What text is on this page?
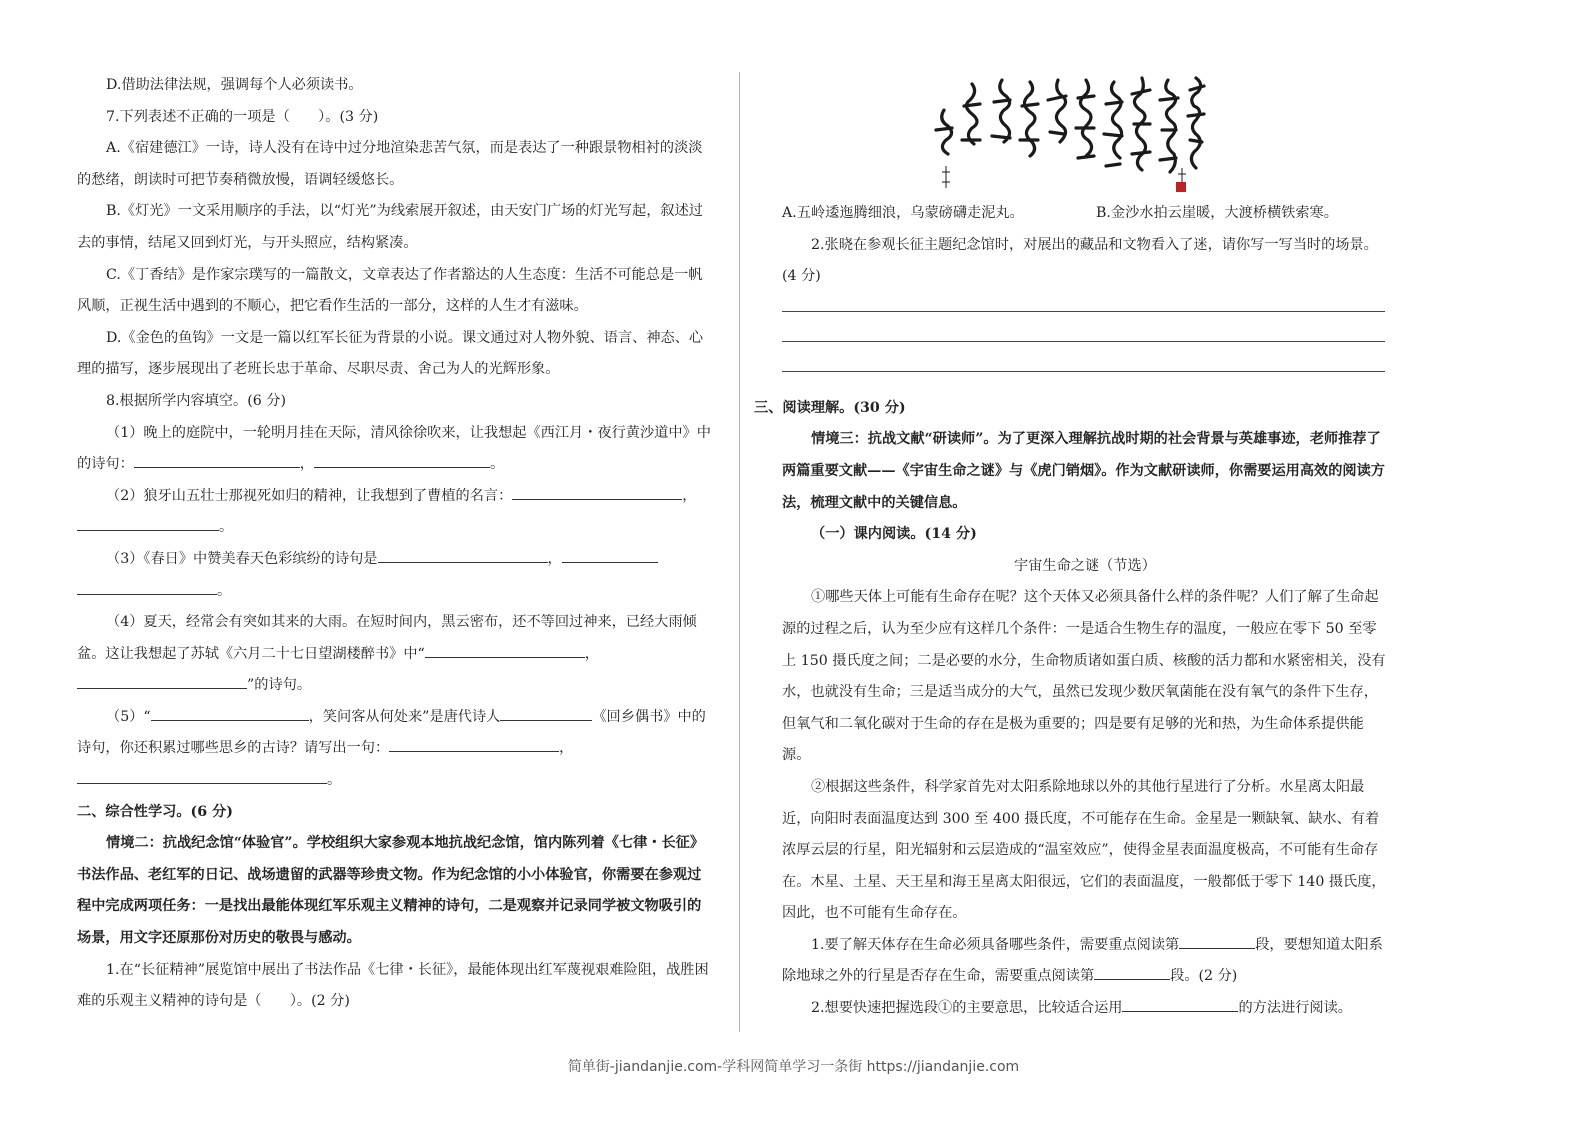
D.借助法律法规，强调每个人必须读书。

7.下列表述不正确的一项是（　　）。(3 分)

A.《宿建德江》一诗，诗人没有在诗中过分地渲染悲苦气氛，而是表达了一种跟景物相衬的淡淡的愁绪，朗读时可把节奏稍微放慢，语调轻缓悠长。

B.《灯光》一文采用顺序的手法，以“灯光”为线索展开叙述，由天安门广场的灯光写起，叙述过去的事情，结尾又回到灯光，与开头照应，结构紧凑。

C.《丁香结》是作家宗璞写的一篇散文，文章表达了作者豁达的人生态度：生活不可能总是一帆风顺，正视生活中遇到的不顺心，把它看作生活的一部分，这样的人生才有滋味。

D.《金色的鱼钩》一文是一篇以红军长征为背景的小说。课文通过对人物外貌、语言、神态、心理的描写，逐步展现出了老班长忠于革命、尽职尽责、舍己为人的光辉形象。

8.根据所学内容填空。(6 分)

（1）晚上的庭院中，一轮明月挂在天际，清风徐徐吹来，让我想起《西江月・夜行黄沙道中》中的诗句：	，	。

（2）狼牙山五壮士那视死如归的精神，让我想到了曹植的名言：	，。

（3）《春日》中赞美春天色彩缤纷的诗句是	，。

（4）夏天，经常会有突如其来的大雨。在短时间内，黑云密布，还不等回过神来，已经大雨倾盆。这让我想起了苏轼《六月二十七日望湖楼醉书》中“	，”的诗句。

（5）“	，笑问客从何处来”是唐代诗人	《回乡偶书》中的诗句，你还积累过哪些思乡的古诗？请写出一句：	，。

二、综合性学习。(6 分)

情境二：抗战纪念馆“体验官”。学校组织大家参观本地抗战纪念馆，馆内陈列着《七律・长征》书法作品、老红军的日记、战场遗留的武器等珍贵文物。作为纪念馆的小小体验官，你需要在参观过程中完成两项任务：一是找出最能体现红军乐观主义精神的诗句，二是观察并记录同学被文物吸引的场景，用文字还原那份对历史的敬畏与感动。

1.在“长征精神”展览馆中展出了书法作品《七律・长征》，最能体现出红军蔑视艰难险阻，战胜困难的乐观主义精神的诗句是（　　）。(2 分)

A.五岭逶迤腾细浪，乌蒙磅礴走泥丸。	B.金沙水拍云崖暖，大渡桥横铁索寒。

2.张晓在参观长征主题纪念馆时，对展出的藏品和文物看入了迷，请你写一写当时的场景。(4 分)

三、阅读理解。(30 分)

情境三：抗战文献“研读师”。为了更深入理解抗战时期的社会背景与英雄事迹，老师推荐了两篇重要文献——《宇宙生命之谜》与《虎门销烟》。作为文献研读师，你需要运用高效的阅读方法，梳理文献中的关键信息。

（一）课内阅读。(14 分)

宇宙生命之谜（节选）

①哪些天体上可能有生命存在呢？这个天体又必须具备什么样的条件呢？人们了解了生命起源的过程之后，认为至少应有这样几个条件：一是适合生物生存的温度，一般应在零下 50 至零上 150 摄氏度之间；二是必要的水分，生命物质诸如蛋白质、核酸的活力都和水紧密相关，没有水，也就没有生命；三是适当成分的大气，虽然已发现少数厌氧菌能在没有氧气的条件下生存，但氧气和二氧化碳对于生命的存在是极为重要的；四是要有足够的光和热，为生命体系提供能源。

②根据这些条件，科学家首先对太阳系除地球以外的其他行星进行了分析。水星离太阳最近，向阳时表面温度达到 300 至 400 摄氏度，不可能存在生命。金星是一颗缺氧、缺水、有着浓厚云层的行星，阳光辐射和云层造成的“温室效应”，使得金星表面温度极高，不可能有生命存在。木星、土星、天王星和海王星离太阳很远，它们的表面温度，一般都低于零下 140 摄氏度，因此，也不可能有生命存在。

1.要了解天体存在生命必须具备哪些条件，需要重点阅读第	段，要想知道太阳系除地球之外的行星是否存在生命，需要重点阅读第	段。(2 分)

2.想要快速把握选段①的主要意思，比较适合运用	的方法进行阅读。

简单街-jiandanjie.com-学科网简单学习一条街 https://jiandanjie.com
